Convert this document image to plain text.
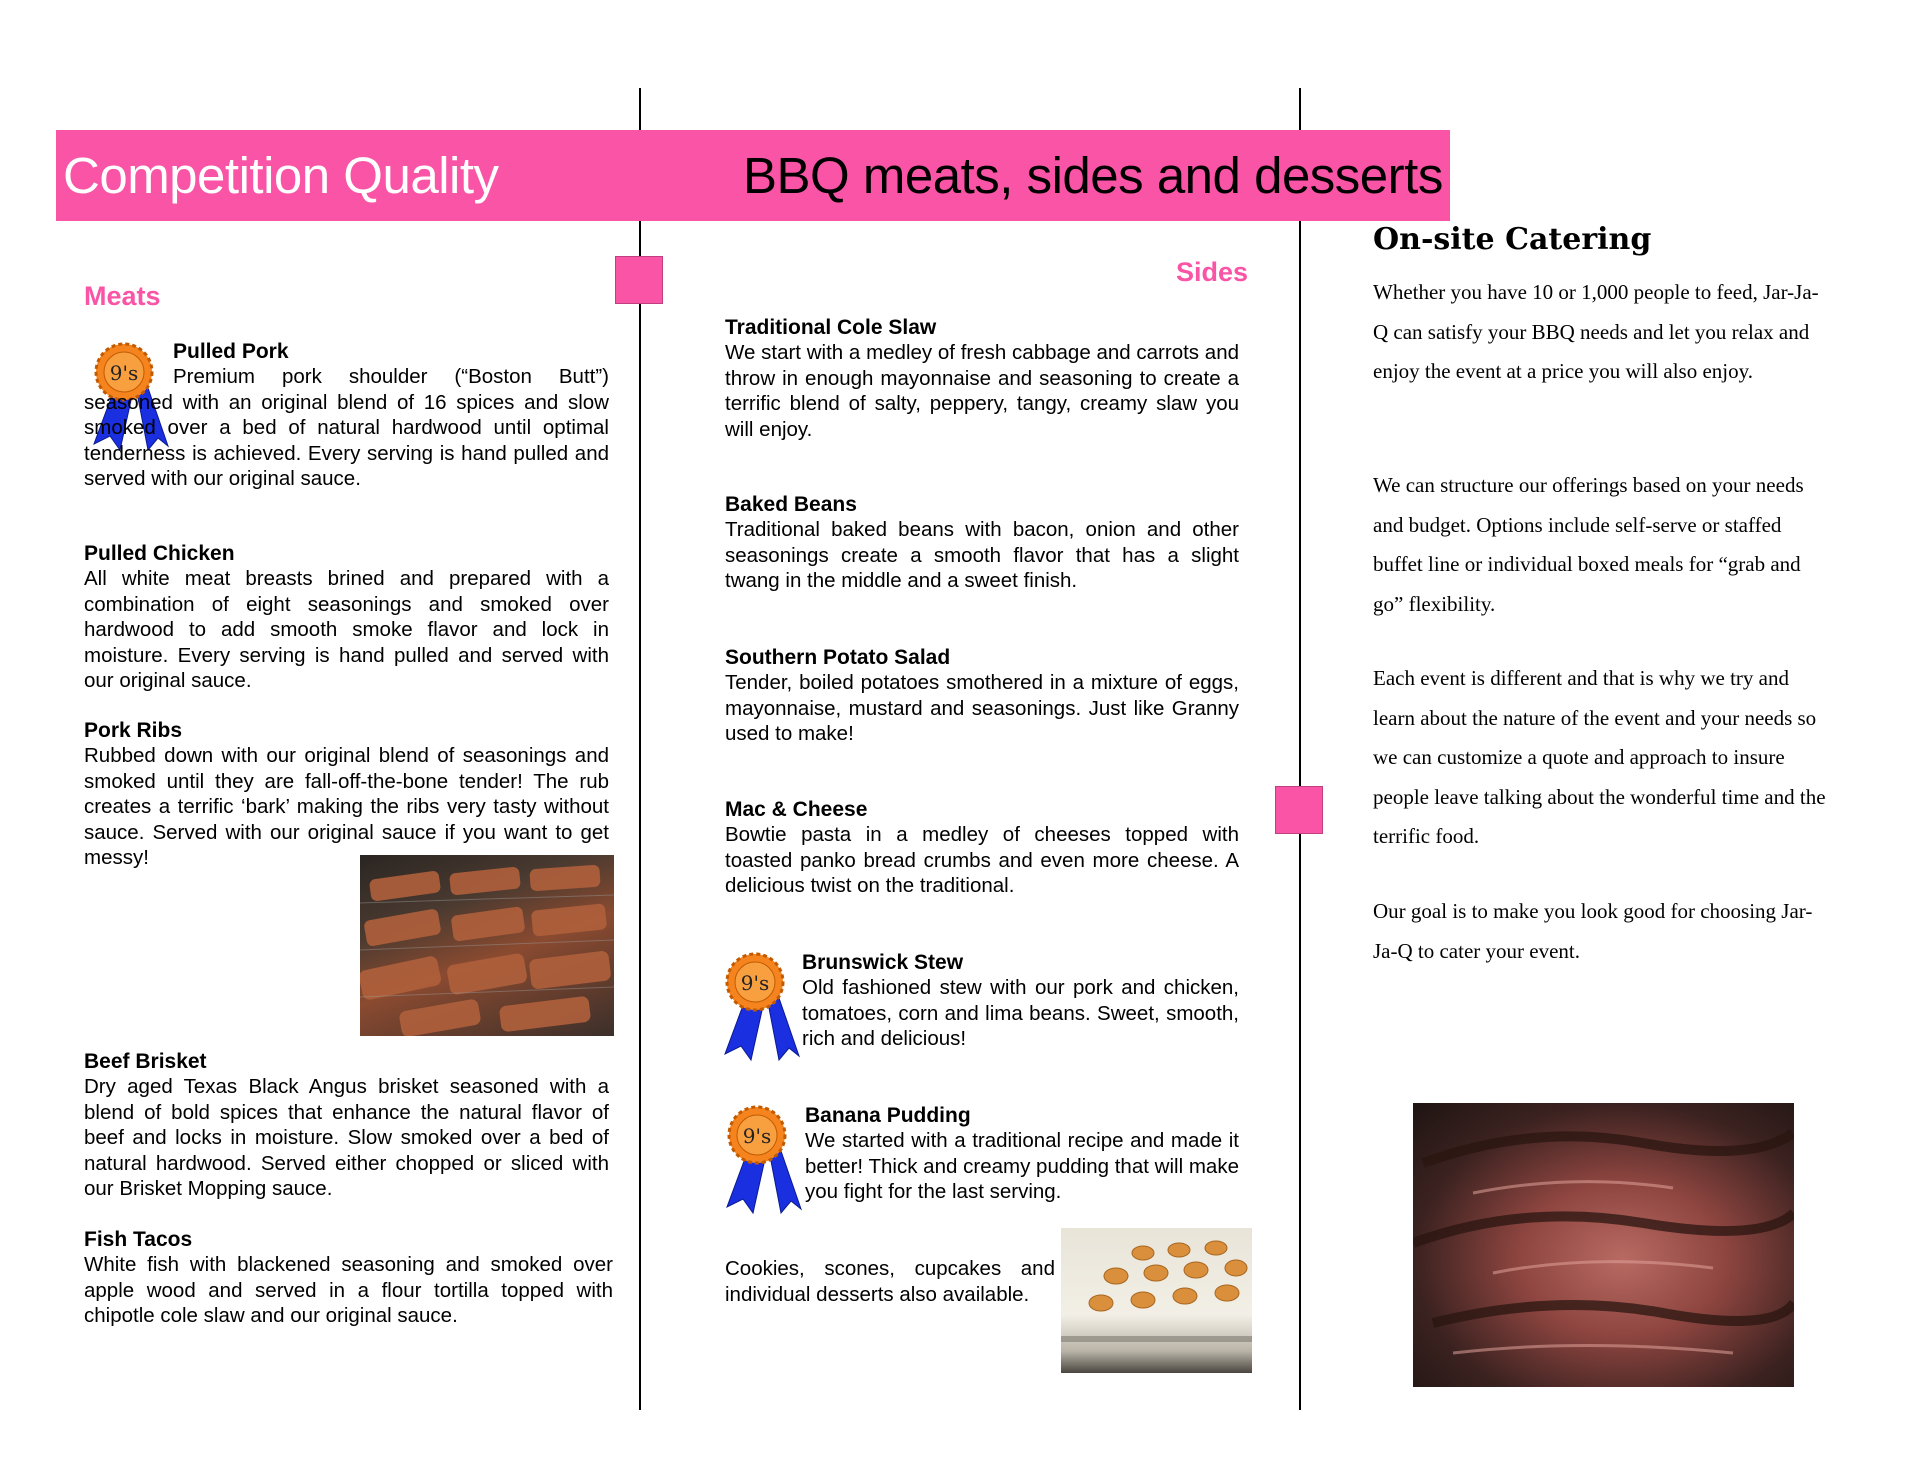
Competition Quality	BBQ meats, sides and desserts
Meats
9's
Pulled Pork
Premium pork shoulder (“Boston Butt”) seasoned with an original blend of 16 spices and slow smoked over a bed of natural hardwood until optimal tenderness is achieved. Every serving is hand pulled and served with our original sauce.
Pulled Chicken
All white meat breasts brined and prepared with a combination of eight seasonings and smoked over hardwood to add smooth smoke flavor and lock in moisture. Every serving is hand pulled and served with our original sauce.
Pork Ribs
Rubbed down with our original blend of seasonings and smoked until they are fall-off-the-bone tender! The rub creates a terrific ‘bark’ making the ribs very tasty without sauce. Served with our original sauce if you want to get messy!
Beef Brisket
Dry aged Texas Black Angus brisket seasoned with a blend of bold spices that enhance the natural flavor of beef and locks in moisture. Slow smoked over a bed of natural hardwood. Served either chopped or sliced with our Brisket Mopping sauce.
Fish Tacos
White fish with blackened seasoning and smoked over apple wood and served in a flour tortilla topped with chipotle cole slaw and our original sauce.
Sides
Traditional Cole Slaw
We start with a medley of fresh cabbage and carrots and throw in enough mayonnaise and seasoning to create a terrific blend of salty, peppery, tangy, creamy slaw you will enjoy.
Baked Beans
Traditional baked beans with bacon, onion and other seasonings create a smooth flavor that has a slight twang in the middle and a sweet finish.
Southern Potato Salad
Tender, boiled potatoes smothered in a mixture of eggs, mayonnaise, mustard and seasonings. Just like Granny used to make!
Mac & Cheese
Bowtie pasta in a medley of cheeses topped with toasted panko bread crumbs and even more cheese. A delicious twist on the traditional.
9's
Brunswick Stew
Old fashioned stew with our pork and chicken, tomatoes, corn and lima beans. Sweet, smooth, rich and delicious!
9's
Banana Pudding
We started with a traditional recipe and made it better! Thick and creamy pudding that will make you fight for the last serving.
Cookies, scones, cupcakes and individual desserts also available.
On-site Catering
Whether you have 10 or 1,000 people to feed, Jar-Ja-Q can satisfy your BBQ needs and let you relax and enjoy the event at a price you will also enjoy.
We can structure our offerings based on your needs and budget. Options include self-serve or staffed buffet line or individual boxed meals for “grab and go” flexibility.
Each event is different and that is why we try and learn about the nature of the event and your needs so we can customize a quote and approach to insure people leave talking about the wonderful time and the terrific food.
Our goal is to make you look good for choosing Jar-Ja-Q to cater your event.
